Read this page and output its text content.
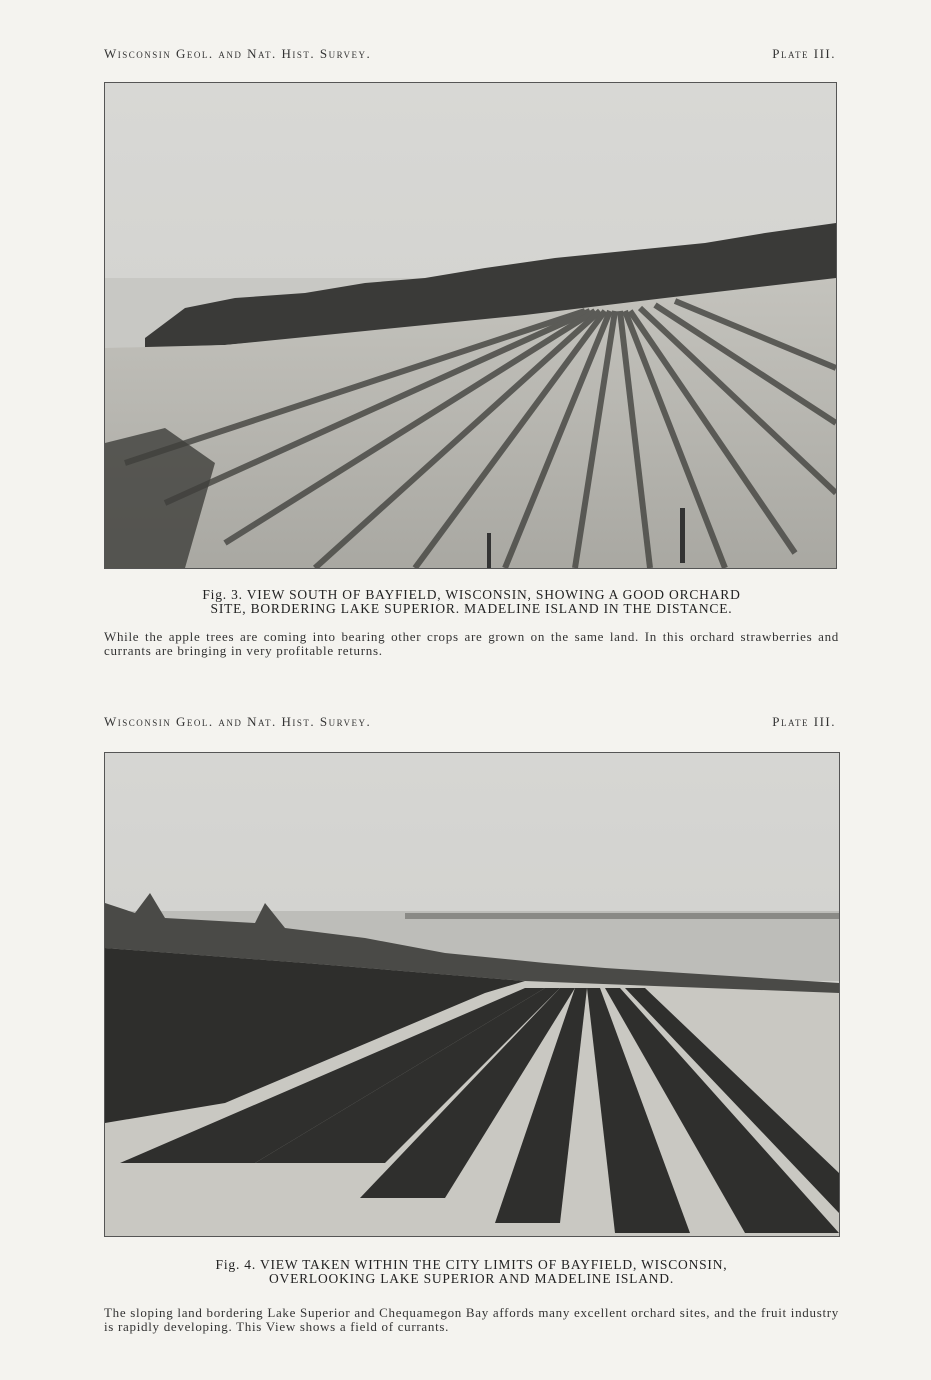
Wisconsin Geol. and Nat. Hist. Survey.	Plate III.
Fig. 3. VIEW SOUTH OF BAYFIELD, WISCONSIN, SHOWING A GOOD ORCHARD
SITE, BORDERING LAKE SUPERIOR. MADELINE ISLAND IN THE DISTANCE.
While the apple trees are coming into bearing other crops are grown on the same land. In this orchard strawberries and currants are bringing in very profitable returns.
Wisconsin Geol. and Nat. Hist. Survey.	Plate III.
Fig. 4. VIEW TAKEN WITHIN THE CITY LIMITS OF BAYFIELD, WISCONSIN,
OVERLOOKING LAKE SUPERIOR AND MADELINE ISLAND.
The sloping land bordering Lake Superior and Chequamegon Bay affords many excellent orchard sites, and the fruit industry is rapidly developing. This View shows a field of currants.
